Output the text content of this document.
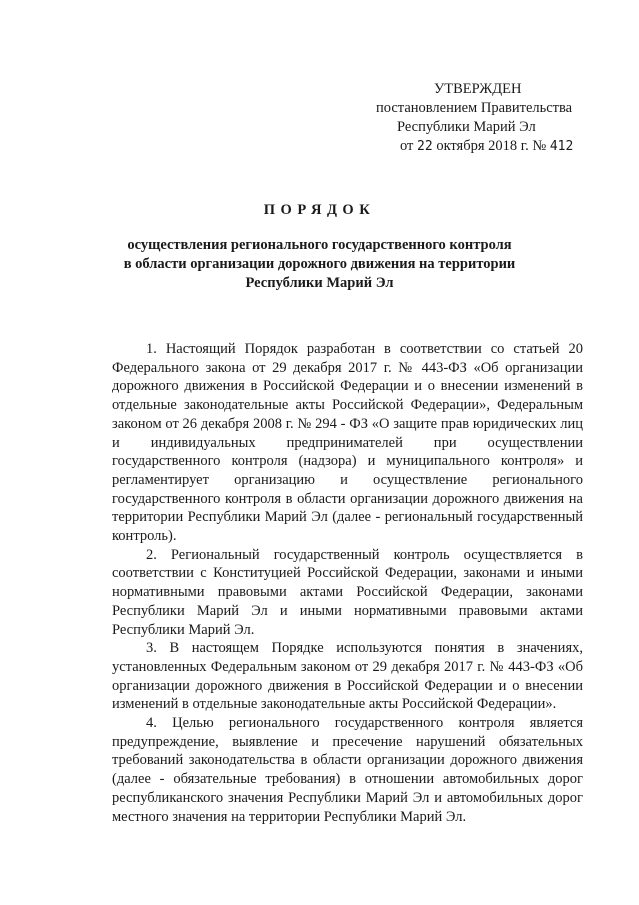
УТВЕРЖДЕН
постановлением Правительства
Республики Марий Эл
от 22 октября 2018 г. № 412
ПОРЯДОК
осуществления регионального государственного контроля
в области организации дорожного движения на территории
Республики Марий Эл

1. Настоящий Порядок разработан в соответствии со статьей 20 Федерального закона от 29 декабря 2017 г. № 443-ФЗ «Об организации дорожного движения в Российской Федерации и о внесении изменений в отдельные законодательные акты Российской Федерации», Федеральным законом от 26 декабря 2008 г. № 294 - ФЗ «О защите прав юридических лиц и индивидуальных предпринимателей при осуществлении государственного контроля (надзора) и муниципального контроля» и регламентирует организацию и осуществление регионального государственного контроля в области организации дорожного движения на территории Республики Марий Эл (далее - региональный государственный контроль).

2. Региональный государственный контроль осуществляется в соответствии с Конституцией Российской Федерации, законами и иными нормативными правовыми актами Российской Федерации, законами Республики Марий Эл и иными нормативными правовыми актами Республики Марий Эл.

3. В настоящем Порядке используются понятия в значениях, установленных Федеральным законом от 29 декабря 2017 г. № 443-ФЗ «Об организации дорожного движения в Российской Федерации и о внесении изменений в отдельные законодательные акты Российской Федерации».

4. Целью регионального государственного контроля является предупреждение, выявление и пресечение нарушений обязательных требований законодательства в области организации дорожного движения (далее - обязательные требования) в отношении автомобильных дорог республиканского значения Республики Марий Эл и автомобильных дорог местного значения на территории Республики Марий Эл.
